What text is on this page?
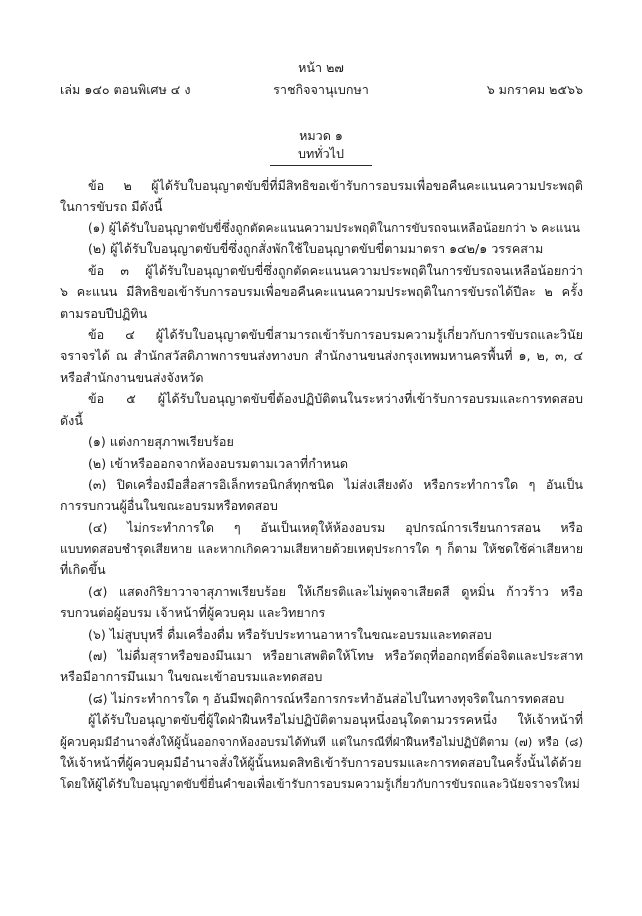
หน้า ๒๗
เล่ม ๑๔๐ ตอนพิเศษ ๔ ง	ราชกิจจานุเบกษา	๖ มกราคม ๒๕๖๖
หมวด ๑
บททั่วไป
ข้อ ๒ ผู้ได้รับใบอนุญาตขับขี่ที่มีสิทธิขอเข้ารับการอบรมเพื่อขอคืนคะแนนความประพฤติ
ในการขับรถ มีดังนี้
(๑) ผู้ได้รับใบอนุญาตขับขี่ซึ่งถูกตัดคะแนนความประพฤติในการขับรถจนเหลือน้อยกว่า ๖ คะแนน
(๒) ผู้ได้รับใบอนุญาตขับขี่ซึ่งถูกสั่งพักใช้ใบอนุญาตขับขี่ตามมาตรา ๑๔๒/๑ วรรคสาม
ข้อ ๓ ผู้ได้รับใบอนุญาตขับขี่ซึ่งถูกตัดคะแนนความประพฤติในการขับรถจนเหลือน้อยกว่า
๖ คะแนน มีสิทธิขอเข้ารับการอบรมเพื่อขอคืนคะแนนความประพฤติในการขับรถได้ปีละ ๒ ครั้ง
ตามรอบปีปฏิทิน
ข้อ ๔ ผู้ได้รับใบอนุญาตขับขี่สามารถเข้ารับการอบรมความรู้เกี่ยวกับการขับรถและวินัย
จราจรได้ ณ สำนักสวัสดิภาพการขนส่งทางบก สำนักงานขนส่งกรุงเทพมหานครพื้นที่ ๑, ๒, ๓, ๔
หรือสำนักงานขนส่งจังหวัด
ข้อ ๕ ผู้ได้รับใบอนุญาตขับขี่ต้องปฏิบัติตนในระหว่างที่เข้ารับการอบรมและการทดสอบ
ดังนี้
(๑) แต่งกายสุภาพเรียบร้อย
(๒) เข้าหรือออกจากห้องอบรมตามเวลาที่กำหนด
(๓) ปิดเครื่องมือสื่อสารอิเล็กทรอนิกส์ทุกชนิด ไม่ส่งเสียงดัง หรือกระทำการใด ๆ อันเป็น
การรบกวนผู้อื่นในขณะอบรมหรือทดสอบ
(๔) ไม่กระทำการใด ๆ อันเป็นเหตุให้ห้องอบรม อุปกรณ์การเรียนการสอน หรือ
แบบทดสอบชำรุดเสียหาย และหากเกิดความเสียหายด้วยเหตุประการใด ๆ ก็ตาม ให้ชดใช้ค่าเสียหาย
ที่เกิดขึ้น
(๕) แสดงกิริยาวาจาสุภาพเรียบร้อย ให้เกียรติและไม่พูดจาเสียดสี ดูหมิ่น ก้าวร้าว หรือ
รบกวนต่อผู้อบรม เจ้าหน้าที่ผู้ควบคุม และวิทยากร
(๖) ไม่สูบบุหรี่ ดื่มเครื่องดื่ม หรือรับประทานอาหารในขณะอบรมและทดสอบ
(๗) ไม่ดื่มสุราหรือของมึนเมา หรือยาเสพติดให้โทษ หรือวัตถุที่ออกฤทธิ์ต่อจิตและประสาท
หรือมีอาการมึนเมา ในขณะเข้าอบรมและทดสอบ
(๘) ไม่กระทำการใด ๆ อันมีพฤติการณ์หรือการกระทำอันส่อไปในทางทุจริตในการทดสอบ
ผู้ได้รับใบอนุญาตขับขี่ผู้ใดฝ่าฝืนหรือไม่ปฏิบัติตามอนุหนึ่งอนุใดตามวรรคหนึ่ง ให้เจ้าหน้าที่
ผู้ควบคุมมีอำนาจสั่งให้ผู้นั้นออกจากห้องอบรมได้ทันที แต่ในกรณีที่ฝ่าฝืนหรือไม่ปฏิบัติตาม (๗) หรือ (๘)
ให้เจ้าหน้าที่ผู้ควบคุมมีอำนาจสั่งให้ผู้นั้นหมดสิทธิเข้ารับการอบรมและการทดสอบในครั้งนั้นได้ด้วย
โดยให้ผู้ได้รับใบอนุญาตขับขี่ยื่นคำขอเพื่อเข้ารับการอบรมความรู้เกี่ยวกับการขับรถและวินัยจราจรใหม่
